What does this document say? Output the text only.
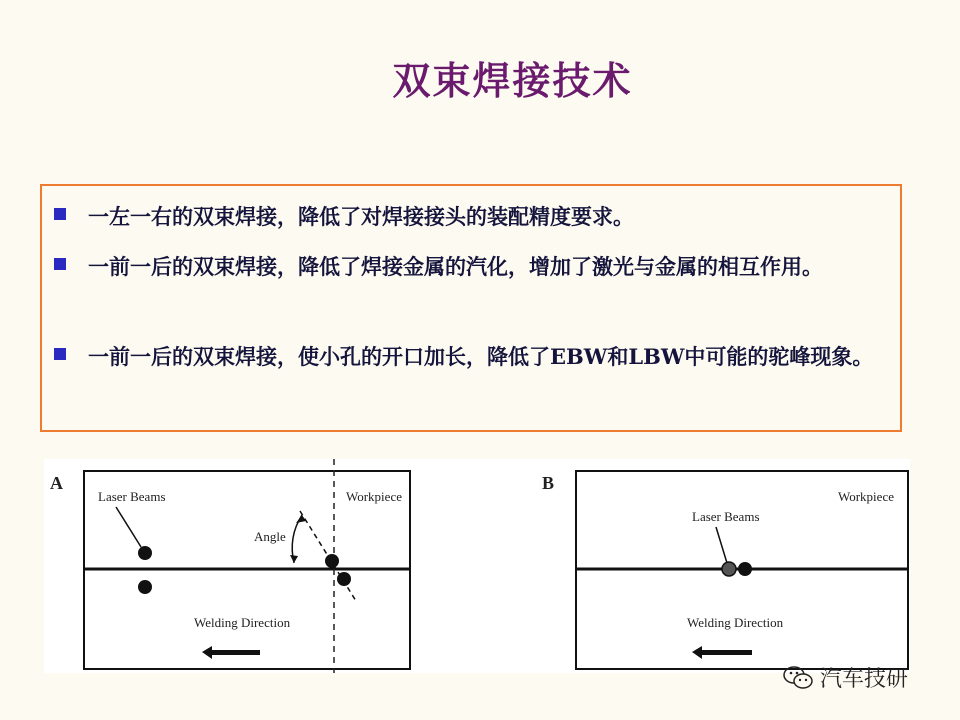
双束焊接技术
一左一右的双束焊接，降低了对焊接接头的装配精度要求。
一前一后的双束焊接，降低了焊接金属的汽化，增加了激光与金属的相互作用。
一前一后的双束焊接，使小孔的开口加长，降低了EBW和LBW中可能的驼峰现象。
A
Laser Beams
Angle
Workpiece
Welding Direction
B
Laser Beams
Workpiece
Welding Direction
汽车技研
